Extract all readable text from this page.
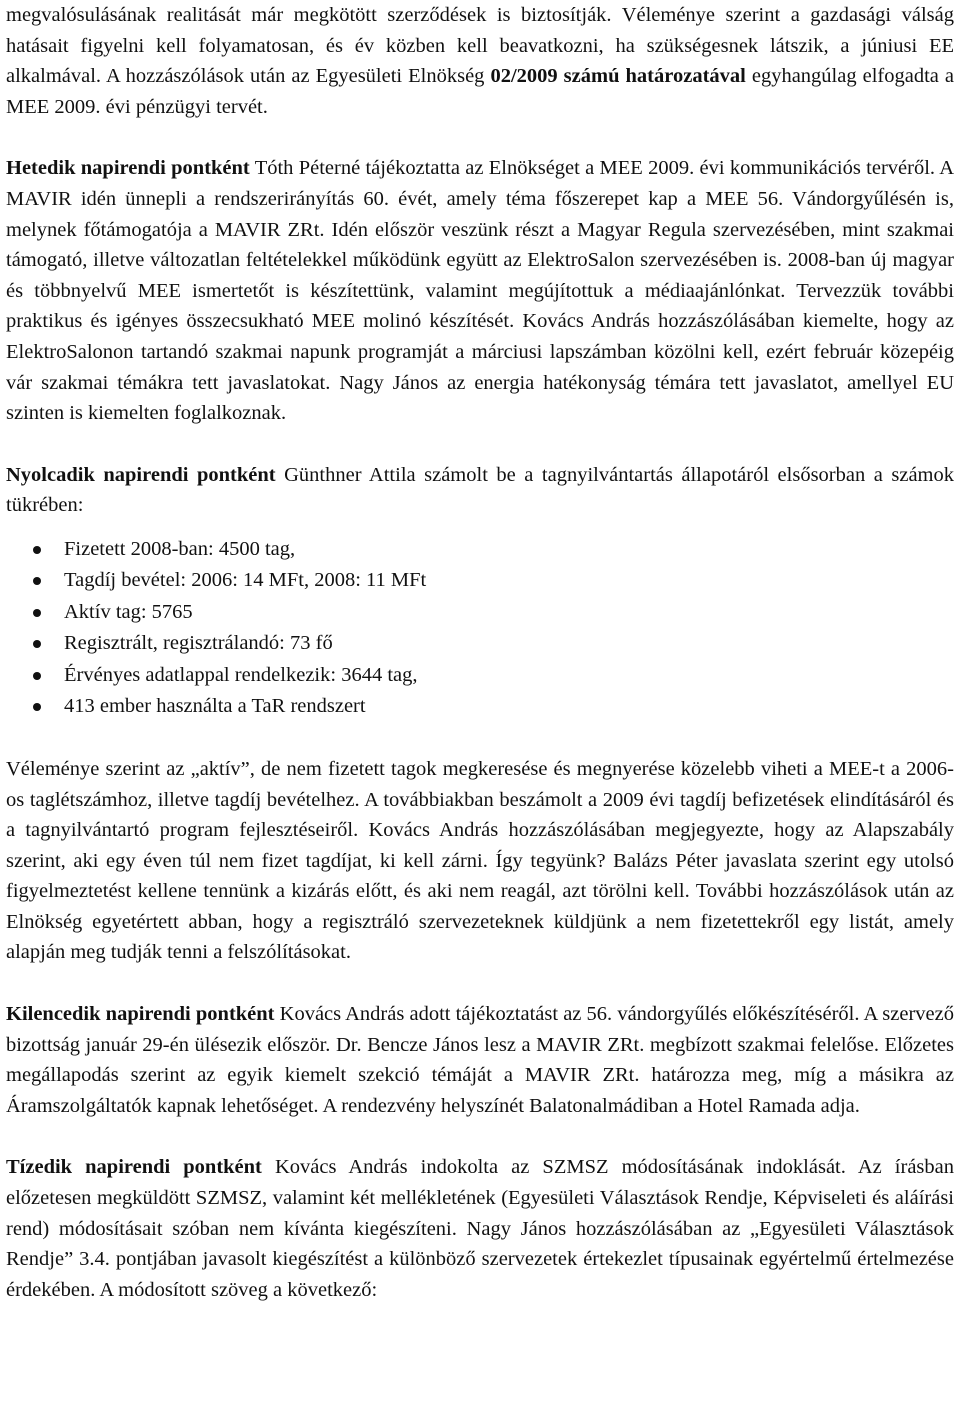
megvalósulásának realitását már megkötött szerződések is biztosítják. Véleménye szerint a gazdasági válság hatásait figyelni kell folyamatosan, és év közben kell beavatkozni, ha szükségesnek látszik, a júniusi EE alkalmával. A hozzászólások után az Egyesületi Elnökség 02/2009 számú határozatával egyhangúlag elfogadta a MEE 2009. évi pénzügyi tervét.

Hetedik napirendi pontként Tóth Péterné tájékoztatta az Elnökséget a MEE 2009. évi kommunikációs tervéről. A MAVIR idén ünnepli a rendszerirányítás 60. évét, amely téma főszerepet kap a MEE 56. Vándorgyűlésén is, melynek főtámogatója a MAVIR ZRt. Idén először veszünk részt a Magyar Regula szervezésében, mint szakmai támogató, illetve változatlan feltételekkel működünk együtt az ElektroSalon szervezésében is. 2008-ban új magyar és többnyelvű MEE ismertetőt is készítettünk, valamint megújítottuk a médiaajánlónkat. Tervezzük további praktikus és igényes összecsukható MEE molinó készítését. Kovács András hozzászólásában kiemelte, hogy az ElektroSalonon tartandó szakmai napunk programját a márciusi lapszámban közölni kell, ezért február közepéig vár szakmai témákra tett javaslatokat. Nagy János az energia hatékonyság témára tett javaslatot, amellyel EU szinten is kiemelten foglalkoznak.

Nyolcadik napirendi pontként Günthner Attila számolt be a tagnyilvántartás állapotáról elsősorban a számok tükrében:

Fizetett 2008-ban: 4500 tag,
Tagdíj bevétel: 2006: 14 MFt, 2008: 11 MFt
Aktív tag: 5765
Regisztrált, regisztrálandó: 73 fő
Érvényes adatlappal rendelkezik: 3644 tag,
413 ember használta a TaR rendszert

Véleménye szerint az „aktív”, de nem fizetett tagok megkeresése és megnyerése közelebb viheti a MEE-t a 2006-os taglétszámhoz, illetve tagdíj bevételhez. A továbbiakban beszámolt a 2009 évi tagdíj befizetések elindításáról és a tagnyilvántartó program fejlesztéseiről. Kovács András hozzászólásában megjegyezte, hogy az Alapszabály szerint, aki egy éven túl nem fizet tagdíjat, ki kell zárni. Így tegyünk? Balázs Péter javaslata szerint egy utolsó figyelmeztetést kellene tennünk a kizárás előtt, és aki nem reagál, azt törölni kell. További hozzászólások után az Elnökség egyetértett abban, hogy a regisztráló szervezeteknek küldjünk a nem fizetettekről egy listát, amely alapján meg tudják tenni a felszólításokat.

Kilencedik napirendi pontként Kovács András adott tájékoztatást az 56. vándorgyűlés előkészítéséről. A szervező bizottság január 29-én ülésezik először. Dr. Bencze János lesz a MAVIR ZRt. megbízott szakmai felelőse. Előzetes megállapodás szerint az egyik kiemelt szekció témáját a MAVIR ZRt. határozza meg, míg a másikra az Áramszolgáltatók kapnak lehetőséget. A rendezvény helyszínét Balatonalmádiban a Hotel Ramada adja.

Tízedik napirendi pontként Kovács András indokolta az SZMSZ módosításának indoklását. Az írásban előzetesen megküldött SZMSZ, valamint két mellékletének (Egyesületi Választások Rendje, Képviseleti és aláírási rend) módosításait szóban nem kívánta kiegészíteni. Nagy János hozzászólásában az „Egyesületi Választások Rendje” 3.4. pontjában javasolt kiegészítést a különböző szervezetek értekezlet típusainak egyértelmű értelmezése érdekében. A módosított szöveg a következő:
